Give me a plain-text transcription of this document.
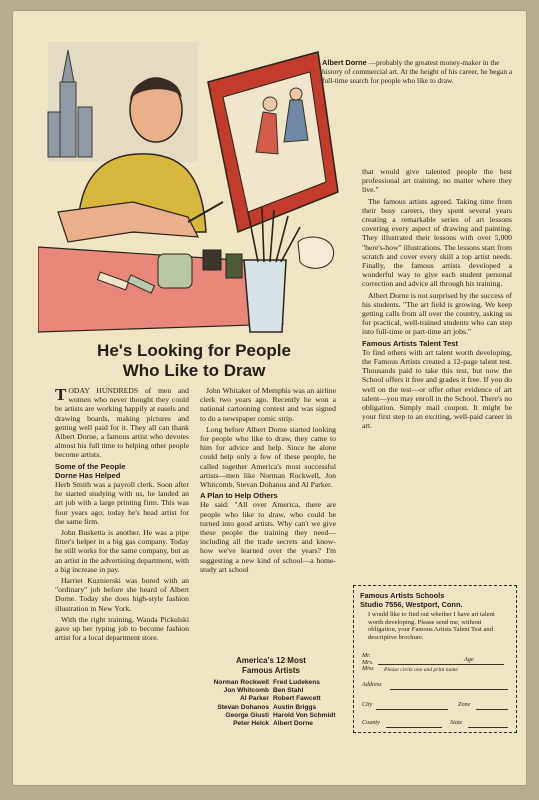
Albert Dorne —probably the greatest money-maker in the history of commercial art. At the height of his career, he began a full-time search for people who like to draw.
He's Looking for People
Who Like to Draw

TODAY HUNDREDS of men and women who never thought they could be artists are working happily at easels and drawing boards, making pictures and getting well paid for it. They all can thank Albert Dorne, a famous artist who devotes almost his full time to helping other people become artists.

Some of the People
Dorne Has Helped

Herb Smith was a payroll clerk. Soon after he started studying with us, he landed an art job with a large printing firm. This was four years ago; today he's head artist for the same firm.

John Busketta is another. He was a pipe fitter's helper in a big gas company. Today he still works for the same company, but as an artist in the advertising department, with a big increase in pay.

Harriet Kuznierski was bored with an "ordinary" job before she heard of Albert Dorne. Today she does high-style fashion illustration in New York.

With the right training, Wanda Pickulski gave up her typing job to become fashion artist for a local department store.

John Whitaker of Memphis was an airline clerk two years ago. Recently he won a national cartooning contest and was signed to do a newspaper comic strip.

Long before Albert Dorne started looking for people who like to draw, they came to him for advice and help. Since he alone could help only a few of these people, he called together America's most successful artists—men like Norman Rockwell, Jon Whitcomb, Stevan Dohanos and Al Parker.

A Plan to Help Others

He said: "All over America, there are people who like to draw, who could be turned into good artists. Why can't we give these people the training they need—including all the trade secrets and know-how we've learned over the years? I'm suggesting a new kind of school—a home-study art school

America's 12 Most
Famous Artists
Norman Rockwell Fred Ludekens
Jon Whitcomb Ben Stahl
Al Parker Robert Fawcett
Stevan Dohanos Austin Briggs
George Giusti Harold Von Schmidt
Peter Helck Albert Dorne

that would give talented people the best professional art training, no matter where they live."

The famous artists agreed. Taking time from their busy careers, they spent several years creating a remarkable series of art lessons covering every aspect of drawing and painting. They illustrated their lessons with over 5,000 "here's-how" illustrations. The lessons start from scratch and cover every skill a top artist needs. Finally, the famous artists developed a wonderful way to give each student personal correction and advice all through his training.

Albert Dorne is not surprised by the success of his students. "The art field is growing. We keep getting calls from all over the country, asking us for practical, well-trained students who can step into full-time or part-time art jobs."

Famous Artists Talent Test

To find others with art talent worth developing, the Famous Artists created a 12-page talent test. Thousands paid to take this test, but now the School offers it free and grades it free. If you do well on the test—or offer other evidence of art talent—you may enroll in the School. There's no obligation. Simply mail coupon. It might be your first step to an exciting, well-paid career in art.

Famous Artists Schools
Studio 7556, Westport, Conn.
I would like to find out whether I have art talent worth developing. Please send me, without obligation, your Famous Artists Talent Test and descriptive brochure.
Mr.
Mrs.
Miss
Age
Please circle one and print name
Address
City	Zone
County	State
